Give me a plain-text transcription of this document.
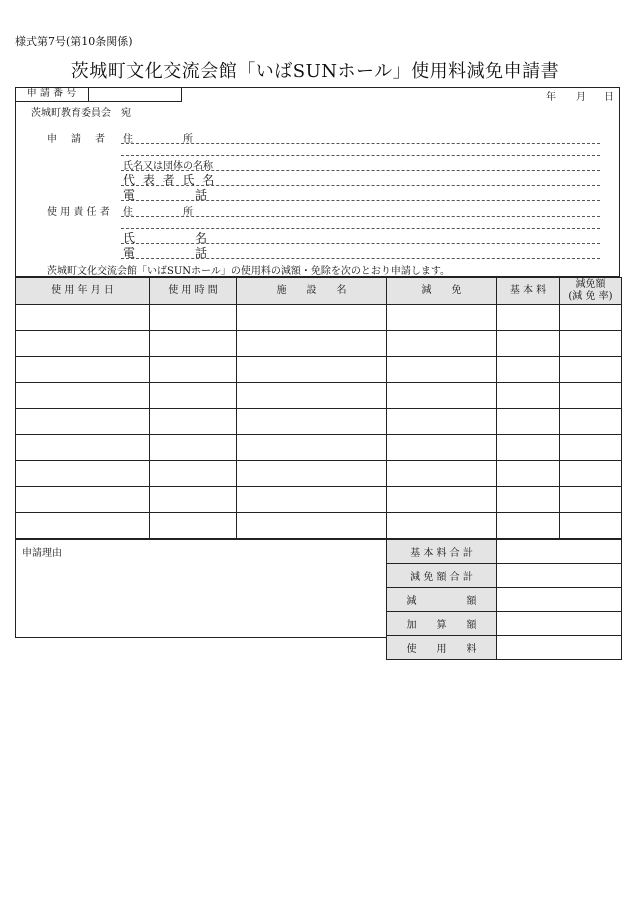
様式第7号(第10条関係)
茨城町文化交流会館「いばSUNホール」使用料減免申請書
申 請 番 号	年 月 日
茨城町教育委員会　宛
申　請　者 住　　　　　所
氏名又は団体の名称
代 表 者 氏 名
電　　　　　話
使 用 責 任 者 住　　　　　所
氏　　　　　名
電　　　　　話
茨城町文化交流会館「いばSUNホール」の使用料の減額・免除を次のとおり申請します。
使 用 年 月 日	使 用 時 間	施　　設　　名	減　　免	基 本 料	減免額
(減 免 率)

申請理由	基 本 料 合 計	
減 免 額 合 計	
減　　　　　額	
加　　算　　額	
使　　用　　料	
